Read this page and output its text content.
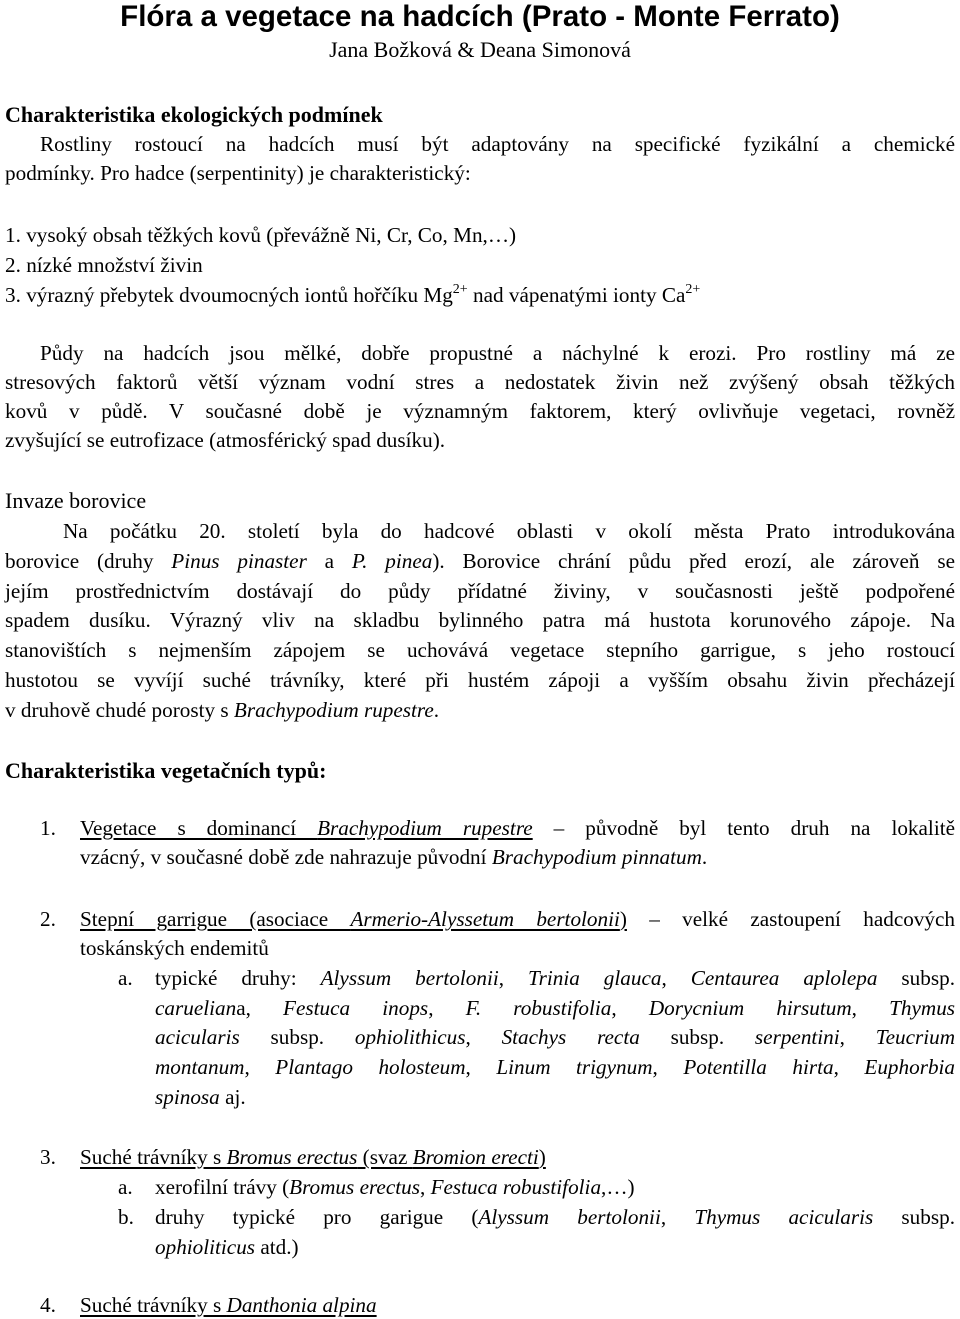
Flóra a vegetace na hadcích (Prato - Monte Ferrato)
Jana Božková & Deana Simonová
Charakteristika ekologických podmínek
Rostliny rostoucí na hadcích musí být adaptovány na specifické fyzikální a chemické
podmínky. Pro hadce (serpentinity) je charakteristický:
1. vysoký obsah těžkých kovů (převážně Ni, Cr, Co, Mn,…)
2. nízké množství živin
3. výrazný přebytek dvoumocných iontů hořčíku $Mg^{2+}$ nad vápenatými ionty $Ca^{2+}$
Půdy na hadcích jsou mělké, dobře propustné a náchylné k erozi. Pro rostliny má ze
stresových faktorů větší význam vodní stres a nedostatek živin než zvýšený obsah těžkých
kovů v půdě. V současné době je významným faktorem, který ovlivňuje vegetaci, rovněž
zvyšující se eutrofizace (atmosférický spad dusíku).
Invaze borovice
Na počátku 20. století byla do hadcové oblasti v okolí města Prato introdukována
borovice (druhy Pinus pinaster a P. pinea). Borovice chrání půdu před erozí, ale zároveň se
jejím prostřednictvím dostávají do půdy přídatné živiny, v současnosti ještě podpořené
spadem dusíku. Výrazný vliv na skladbu bylinného patra má hustota korunového zápoje. Na
stanovištích s nejmenším zápojem se uchovává vegetace stepního garrigue, s jeho rostoucí
hustotou se vyvíjí suché trávníky, které při hustém zápoji a vyšším obsahu živin přecházejí
v druhově chudé porosty s Brachypodium rupestre.
Charakteristika vegetačních typů:
1. Vegetace s dominancí Brachypodium rupestre – původně byl tento druh na lokalitě
vzácný, v současné době zde nahrazuje původní Brachypodium pinnatum.
2. Stepní garrigue (asociace Armerio-Alyssetum bertolonii) – velké zastoupení hadcových
toskánských endemitů
a. typické druhy: Alyssum bertolonii, Trinia glauca, Centaurea aplolepa subsp.
carueliana, Festuca inops, F. robustifolia, Dorycnium hirsutum, Thymus
acicularis subsp. ophiolithicus, Stachys recta subsp. serpentini, Teucrium
montanum, Plantago holosteum, Linum trigynum, Potentilla hirta, Euphorbia
spinosa aj.
3. Suché trávníky s Bromus erectus (svaz Bromion erecti)
a. xerofilní trávy (Bromus erectus, Festuca robustifolia,…)
b. druhy typické pro garigue (Alyssum bertolonii, Thymus acicularis subsp.
ophioliticus atd.)
4. Suché trávníky s Danthonia alpina
